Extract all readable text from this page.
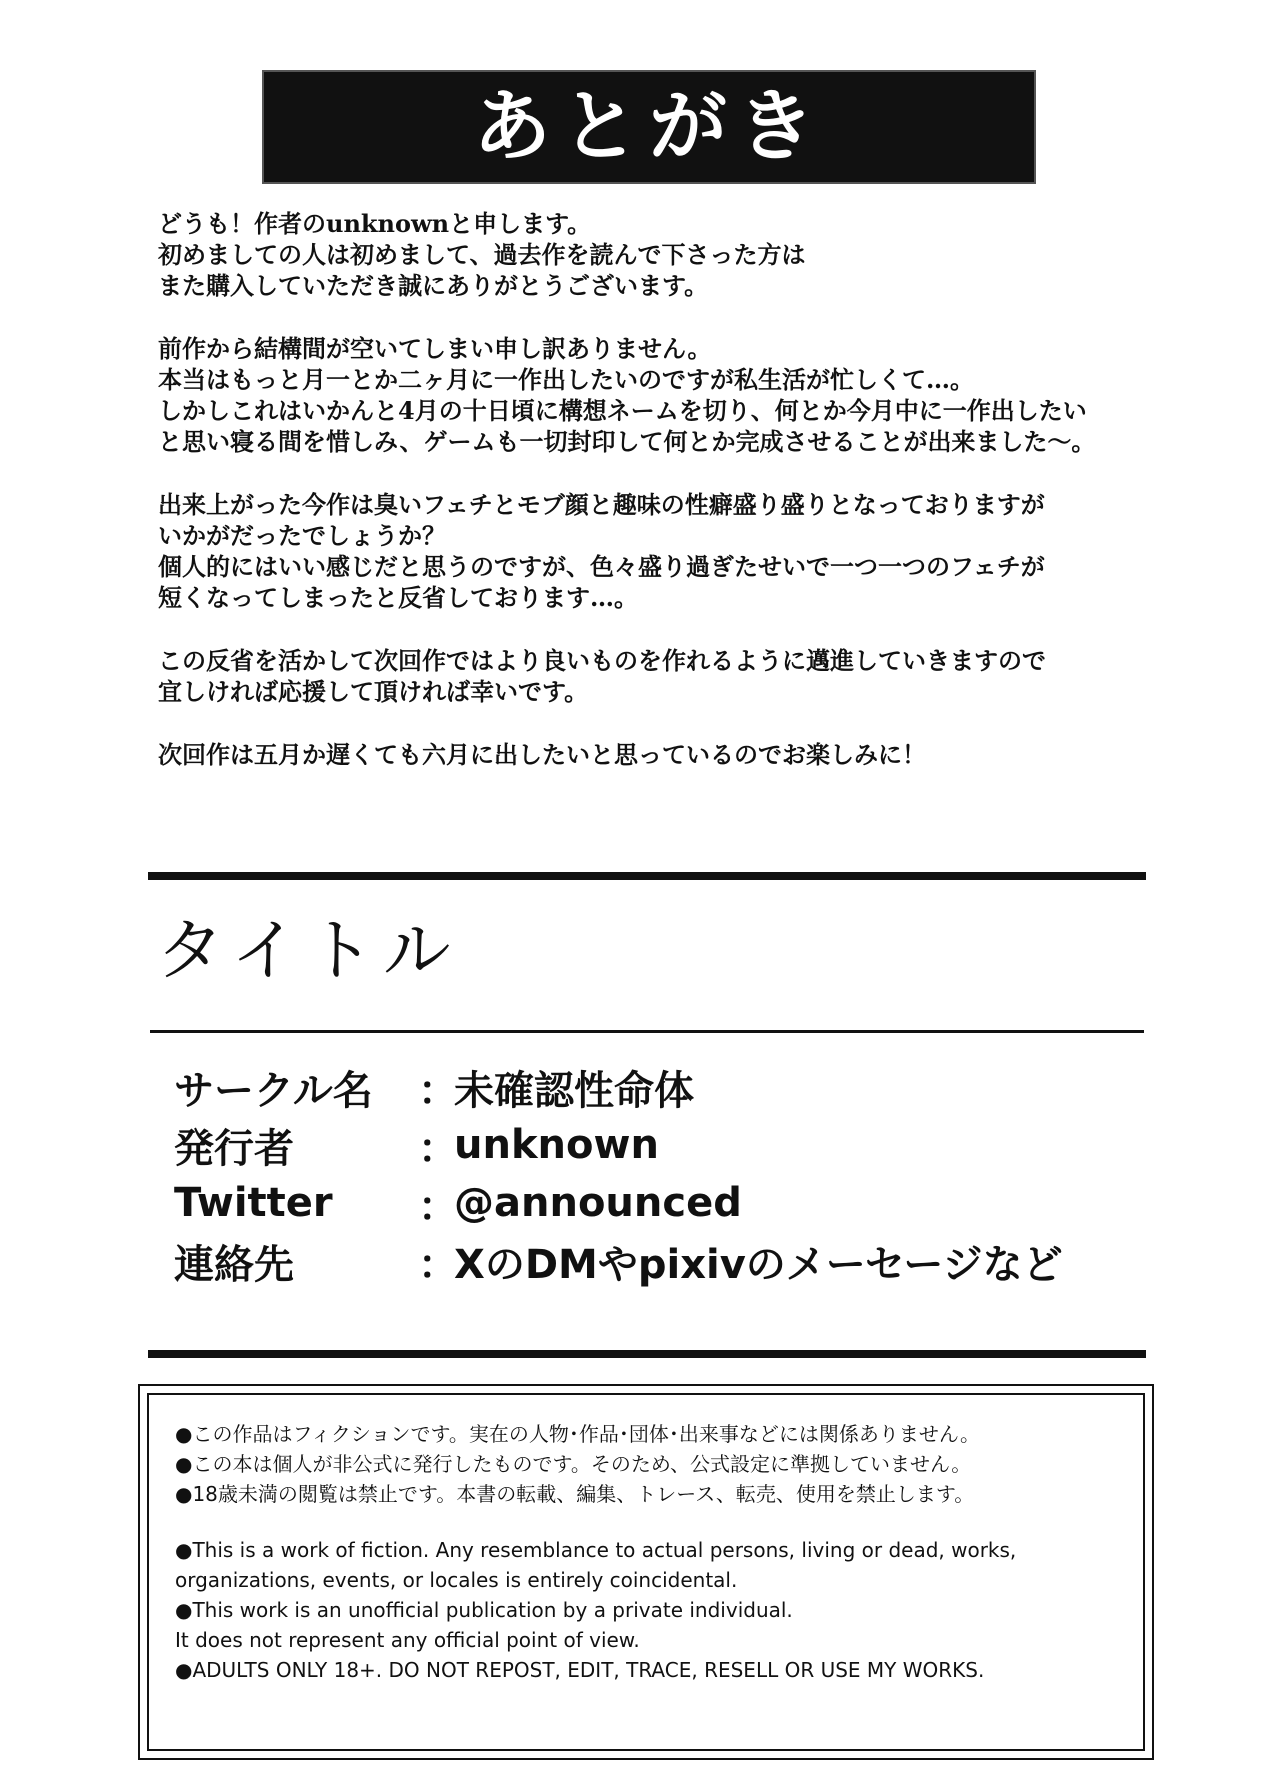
あとがき

どうも！作者のunknownと申します。
初めましての人は初めまして、過去作を読んで下さった方は
また購入していただき誠にありがとうございます。

前作から結構間が空いてしまい申し訳ありません。
本当はもっと月一とか二ヶ月に一作出したいのですが私生活が忙しくて…。
しかしこれはいかんと4月の十日頃に構想ネームを切り、何とか今月中に一作出したい
と思い寝る間を惜しみ、ゲームも一切封印して何とか完成させることが出来ました～。

出来上がった今作は臭いフェチとモブ顔と趣味の性癖盛り盛りとなっておりますが
いかがだったでしょうか？
個人的にはいい感じだと思うのですが、色々盛り過ぎたせいで一つ一つのフェチが
短くなってしまったと反省しております…。

この反省を活かして次回作ではより良いものを作れるように邁進していきますので
宜しければ応援して頂ければ幸いです。

次回作は五月か遅くても六月に出したいと思っているのでお楽しみに！

タイトル
サークル名	：
未確認性命体
発行者	：
unknown
Twitter	：
@announced
連絡先	：
XのDMやpixivのメーセージなど
●この作品はフィクションです。実在の人物･作品･団体･出来事などには関係ありません。
●この本は個人が非公式に発行したものです。そのため、公式設定に準拠していません。
●18歳未満の閲覧は禁止です。本書の転載、編集、トレース、転売、使用を禁止します。
●This is a work of fiction. Any resemblance to actual persons, living or dead, works,
organizations, events, or locales is entirely coincidental.
●This work is an unofficial publication by a private individual.
It does not represent any official point of view.
●ADULTS ONLY 18+. DO NOT REPOST, EDIT, TRACE, RESELL OR USE MY WORKS.
